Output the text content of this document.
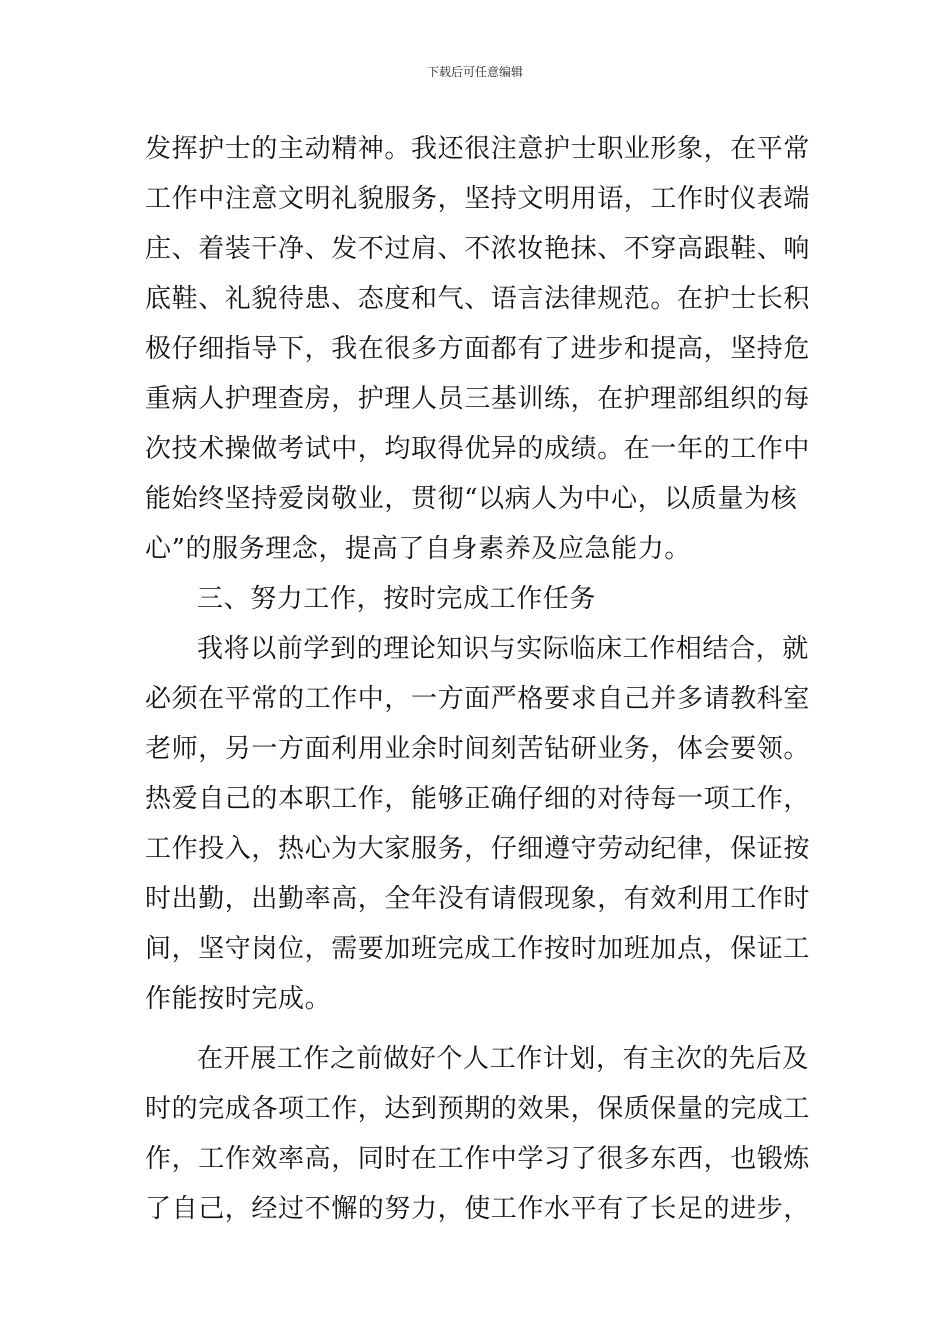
下载后可任意编辑
发挥护士的主动精神。我还很注意护士职业形象，在平常
工作中注意文明礼貌服务，坚持文明用语，工作时仪表端
庄、着装干净、发不过肩、不浓妆艳抹、不穿高跟鞋、响
底鞋、礼貌待患、态度和气、语言法律规范。在护士长积
极仔细指导下，我在很多方面都有了进步和提高，坚持危
重病人护理查房，护理人员三基训练，在护理部组织的每
次技术操做考试中，均取得优异的成绩。在一年的工作中
能始终坚持爱岗敬业，贯彻“以病人为中心，以质量为核
心”的服务理念，提高了自身素养及应急能力。
三、努力工作，按时完成工作任务
我将以前学到的理论知识与实际临床工作相结合，就
必须在平常的工作中，一方面严格要求自己并多请教科室
老师，另一方面利用业余时间刻苦钻研业务，体会要领。
热爱自己的本职工作，能够正确仔细的对待每一项工作，
工作投入，热心为大家服务，仔细遵守劳动纪律，保证按
时出勤，出勤率高，全年没有请假现象，有效利用工作时
间，坚守岗位，需要加班完成工作按时加班加点，保证工
作能按时完成。
在开展工作之前做好个人工作计划，有主次的先后及
时的完成各项工作，达到预期的效果，保质保量的完成工
作，工作效率高，同时在工作中学习了很多东西，也锻炼
了自己，经过不懈的努力，使工作水平有了长足的进步，
